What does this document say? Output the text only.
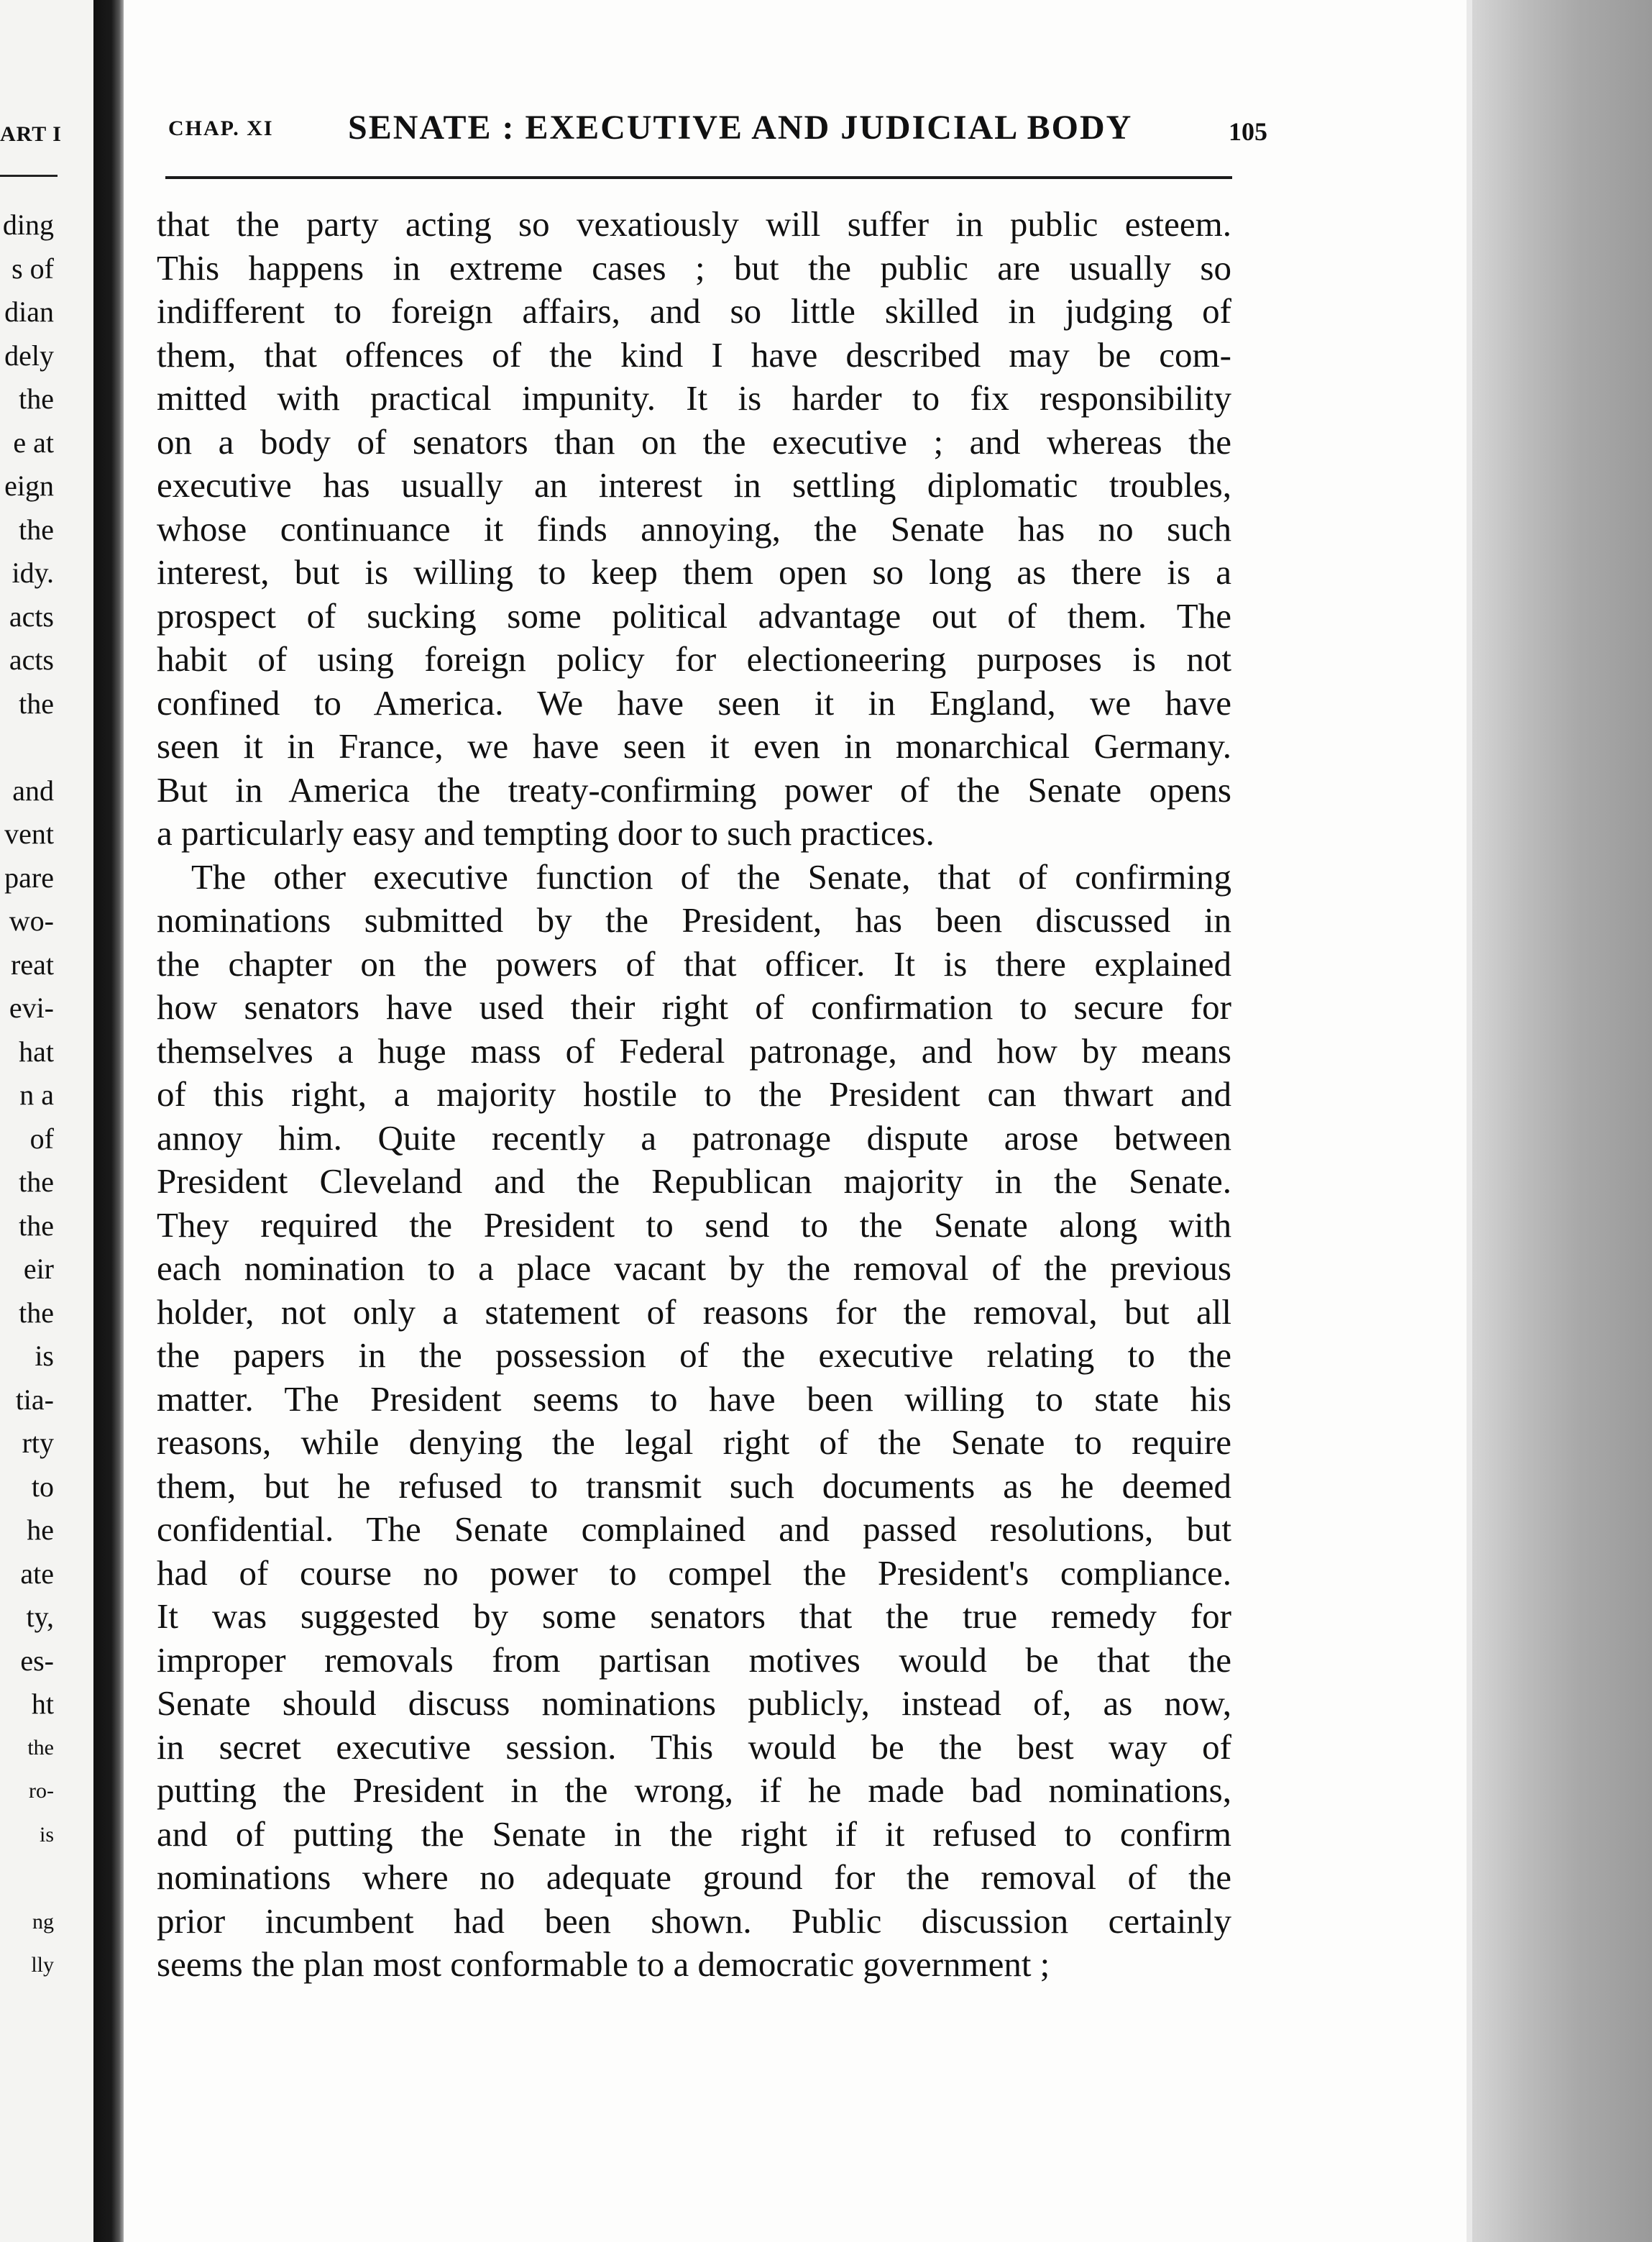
ART I
ding
s of
dian
dely
the
e at
eign
the
idy.
acts
acts
the
and
vent
pare
wo-
reat
evi-
hat
n a
of
the
the
eir
the
is
tia-
rty
to
he
ate
ty,
es-
ht
the
ro-
is
ng
lly
CHAP. XI SENATE : EXECUTIVE AND JUDICIAL BODY	105
that the party acting so vexatiously will suffer in public esteem.
This happens in extreme cases ; but the public are usually so
indifferent to foreign affairs, and so little skilled in judging of
them, that offences of the kind I have described may be com-
mitted with practical impunity. It is harder to fix responsibility
on a body of senators than on the executive ; and whereas the
executive has usually an interest in settling diplomatic troubles,
whose continuance it finds annoying, the Senate has no such
interest, but is willing to keep them open so long as there is a
prospect of sucking some political advantage out of them. The
habit of using foreign policy for electioneering purposes is not
confined to America. We have seen it in England, we have
seen it in France, we have seen it even in monarchical Germany.
But in America the treaty-confirming power of the Senate opens
a particularly easy and tempting door to such practices.
The other executive function of the Senate, that of confirming
nominations submitted by the President, has been discussed in
the chapter on the powers of that officer. It is there explained
how senators have used their right of confirmation to secure for
themselves a huge mass of Federal patronage, and how by means
of this right, a majority hostile to the President can thwart and
annoy him. Quite recently a patronage dispute arose between
President Cleveland and the Republican majority in the Senate.
They required the President to send to the Senate along with
each nomination to a place vacant by the removal of the previous
holder, not only a statement of reasons for the removal, but all
the papers in the possession of the executive relating to the
matter. The President seems to have been willing to state his
reasons, while denying the legal right of the Senate to require
them, but he refused to transmit such documents as he deemed
confidential. The Senate complained and passed resolutions, but
had of course no power to compel the President's compliance.
It was suggested by some senators that the true remedy for
improper removals from partisan motives would be that the
Senate should discuss nominations publicly, instead of, as now,
in secret executive session. This would be the best way of
putting the President in the wrong, if he made bad nominations,
and of putting the Senate in the right if it refused to confirm
nominations where no adequate ground for the removal of the
prior incumbent had been shown. Public discussion certainly
seems the plan most conformable to a democratic government ;
